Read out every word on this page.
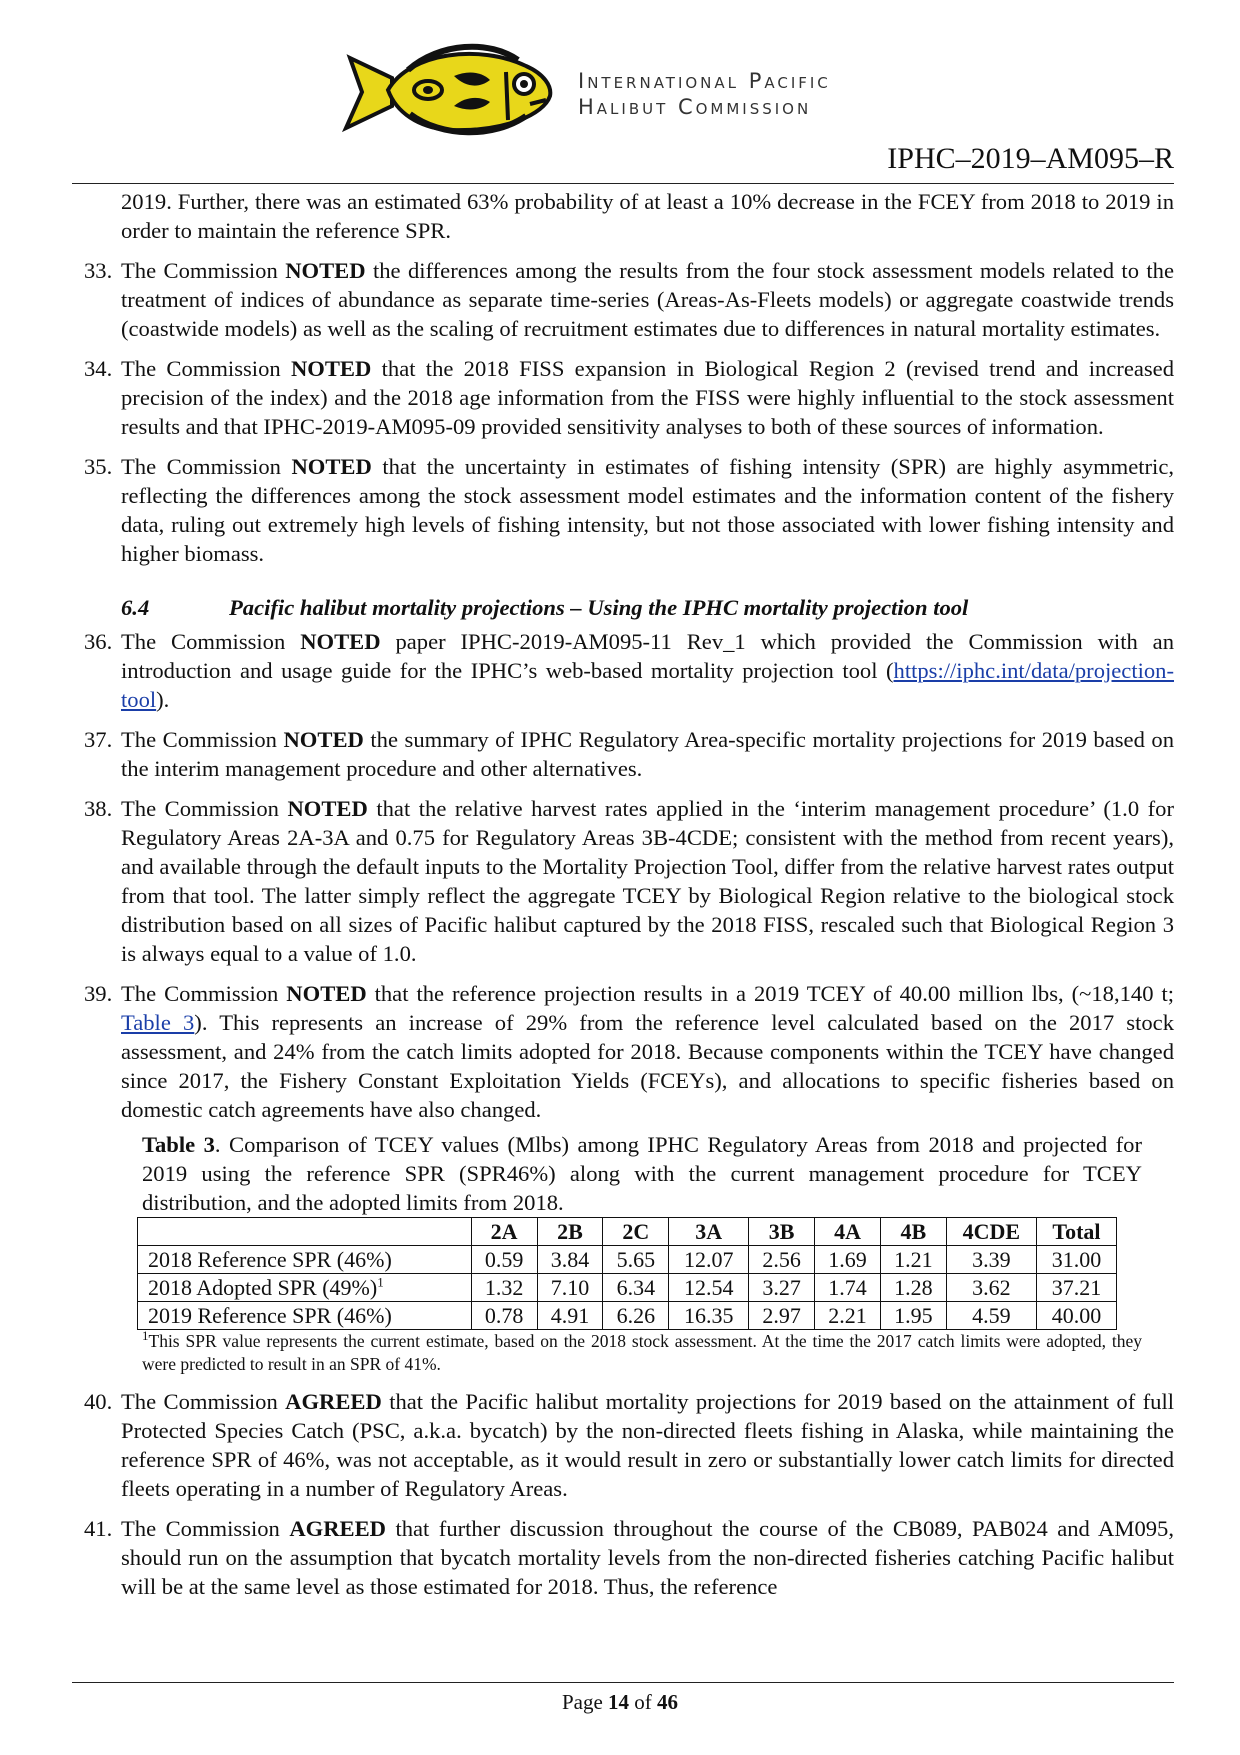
International Pacific
Halibut Commission
IPHC–2019–AM095–R

2019. Further, there was an estimated 63% probability of at least a 10% decrease in the FCEY from 2018 to 2019 in order to maintain the reference SPR.

33. The Commission NOTED the differences among the results from the four stock assessment models related to the treatment of indices of abundance as separate time-series (Areas-As-Fleets models) or aggregate coastwide trends (coastwide models) as well as the scaling of recruitment estimates due to differences in natural mortality estimates.

34. The Commission NOTED that the 2018 FISS expansion in Biological Region 2 (revised trend and increased precision of the index) and the 2018 age information from the FISS were highly influential to the stock assessment results and that IPHC-2019-AM095-09 provided sensitivity analyses to both of these sources of information.

35. The Commission NOTED that the uncertainty in estimates of fishing intensity (SPR) are highly asymmetric, reflecting the differences among the stock assessment model estimates and the information content of the fishery data, ruling out extremely high levels of fishing intensity, but not those associated with lower fishing intensity and higher biomass.

6.4	Pacific halibut mortality projections – Using the IPHC mortality projection tool

36. The Commission NOTED paper IPHC-2019-AM095-11 Rev_1 which provided the Commission with an introduction and usage guide for the IPHC’s web-based mortality projection tool (https://iphc.int/data/projection-tool).

37. The Commission NOTED the summary of IPHC Regulatory Area-specific mortality projections for 2019 based on the interim management procedure and other alternatives.

38. The Commission NOTED that the relative harvest rates applied in the ‘interim management procedure’ (1.0 for Regulatory Areas 2A-3A and 0.75 for Regulatory Areas 3B-4CDE; consistent with the method from recent years), and available through the default inputs to the Mortality Projection Tool, differ from the relative harvest rates output from that tool. The latter simply reflect the aggregate TCEY by Biological Region relative to the biological stock distribution based on all sizes of Pacific halibut captured by the 2018 FISS, rescaled such that Biological Region 3 is always equal to a value of 1.0.

39. The Commission NOTED that the reference projection results in a 2019 TCEY of 40.00 million lbs, (~18,140 t; Table 3). This represents an increase of 29% from the reference level calculated based on the 2017 stock assessment, and 24% from the catch limits adopted for 2018. Because components within the TCEY have changed since 2017, the Fishery Constant Exploitation Yields (FCEYs), and allocations to specific fisheries based on domestic catch agreements have also changed.

Table 3. Comparison of TCEY values (Mlbs) among IPHC Regulatory Areas from 2018 and projected for 2019 using the reference SPR (SPR46%) along with the current management procedure for TCEY distribution, and the adopted limits from 2018.

	2A	2B	2C	3A	3B	4A	4B	4CDE	Total
2018 Reference SPR (46%)	0.59	3.84	5.65	12.07	2.56	1.69	1.21	3.39	31.00
2018 Adopted SPR $(49\%)^1$	1.32	7.10	6.34	12.54	3.27	1.74	1.28	3.62	37.21
2019 Reference SPR (46%)	0.78	4.91	6.26	16.35	2.97	2.21	1.95	4.59	40.00

$^1$This SPR value represents the current estimate, based on the 2018 stock assessment. At the time the 2017 catch limits were adopted, they were predicted to result in an SPR of 41%.

40. The Commission AGREED that the Pacific halibut mortality projections for 2019 based on the attainment of full Protected Species Catch (PSC, a.k.a. bycatch) by the non-directed fleets fishing in Alaska, while maintaining the reference SPR of 46%, was not acceptable, as it would result in zero or substantially lower catch limits for directed fleets operating in a number of Regulatory Areas.

41. The Commission AGREED that further discussion throughout the course of the CB089, PAB024 and AM095, should run on the assumption that bycatch mortality levels from the non-directed fisheries catching Pacific halibut will be at the same level as those estimated for 2018. Thus, the reference

Page 14 of 46
